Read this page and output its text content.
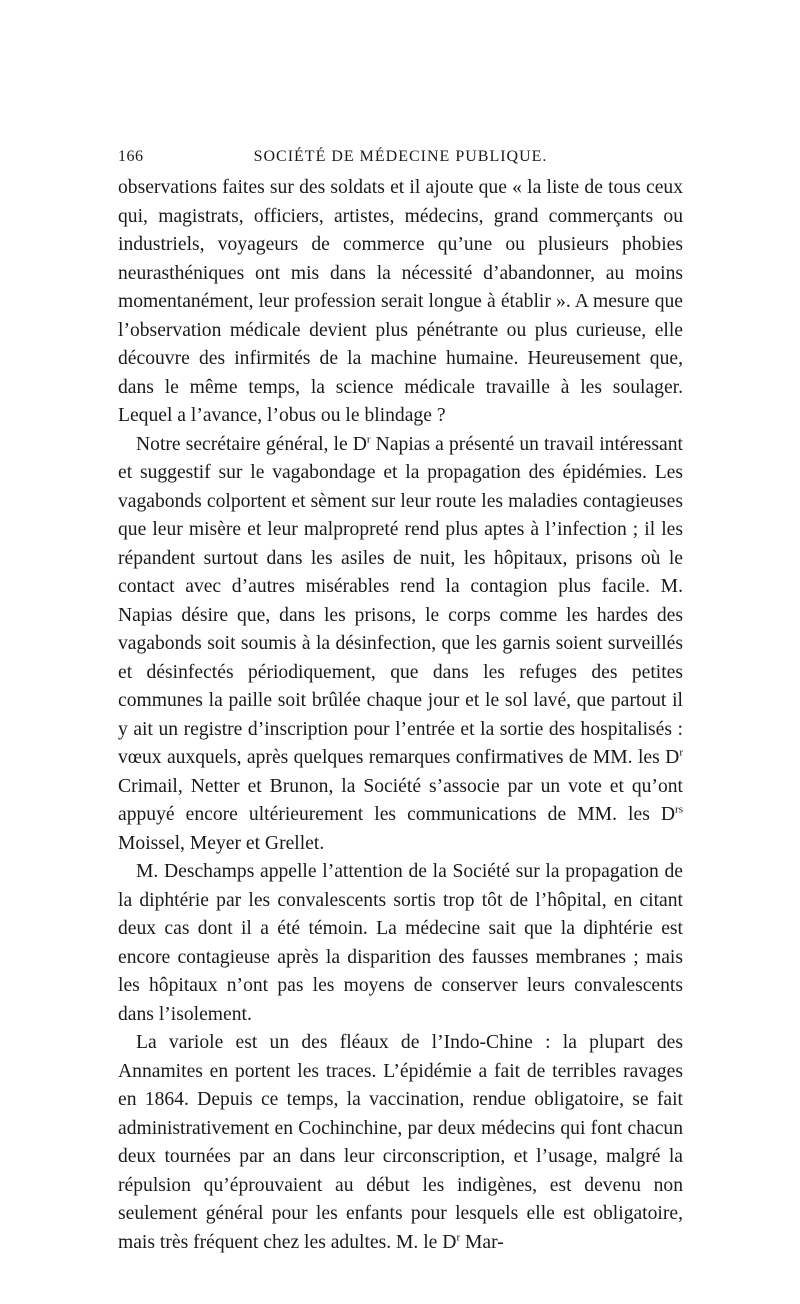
166	SOCIÉTÉ DE MÉDECINE PUBLIQUE.

observations faites sur des soldats et il ajoute que « la liste de tous ceux qui, magistrats, officiers, artistes, médecins, grand commerçants ou industriels, voyageurs de commerce qu’une ou plusieurs phobies neurasthéniques ont mis dans la nécessité d’abandonner, au moins momentanément, leur profession serait longue à établir ». A mesure que l’observation médicale devient plus pénétrante ou plus curieuse, elle découvre des infirmités de la machine humaine. Heureusement que, dans le même temps, la science médicale travaille à les soulager. Lequel a l’avance, l’obus ou le blindage ?

Notre secrétaire général, le $D^r$ Napias a présenté un travail intéressant et suggestif sur le vagabondage et la propagation des épidémies. Les vagabonds colportent et sèment sur leur route les maladies contagieuses que leur misère et leur malpropreté rend plus aptes à l’infection ; il les répandent surtout dans les asiles de nuit, les hôpitaux, prisons où le contact avec d’autres misérables rend la contagion plus facile. M. Napias désire que, dans les prisons, le corps comme les hardes des vagabonds soit soumis à la désinfection, que les garnis soient surveillés et désinfectés périodiquement, que dans les refuges des petites communes la paille soit brûlée chaque jour et le sol lavé, que partout il y ait un registre d’inscription pour l’entrée et la sortie des hospitalisés : vœux auxquels, après quelques remarques confirmatives de MM. les $D^r$ Crimail, Netter et Brunon, la Société s’associe par un vote et qu’ont appuyé encore ultérieurement les communications de MM. les $D^{rs}$ Moissel, Meyer et Grellet.

M. Deschamps appelle l’attention de la Société sur la propagation de la diphtérie par les convalescents sortis trop tôt de l’hôpital, en citant deux cas dont il a été témoin. La médecine sait que la diphtérie est encore contagieuse après la disparition des fausses membranes ; mais les hôpitaux n’ont pas les moyens de conserver leurs convalescents dans l’isolement.

La variole est un des fléaux de l’Indo-Chine : la plupart des Annamites en portent les traces. L’épidémie a fait de terribles ravages en 1864. Depuis ce temps, la vaccination, rendue obligatoire, se fait administrativement en Cochinchine, par deux médecins qui font chacun deux tournées par an dans leur circonscription, et l’usage, malgré la répulsion qu’éprouvaient au début les indigènes, est devenu non seulement général pour les enfants pour lesquels elle est obligatoire, mais très fréquent chez les adultes. M. le $D^r$ Mar-
